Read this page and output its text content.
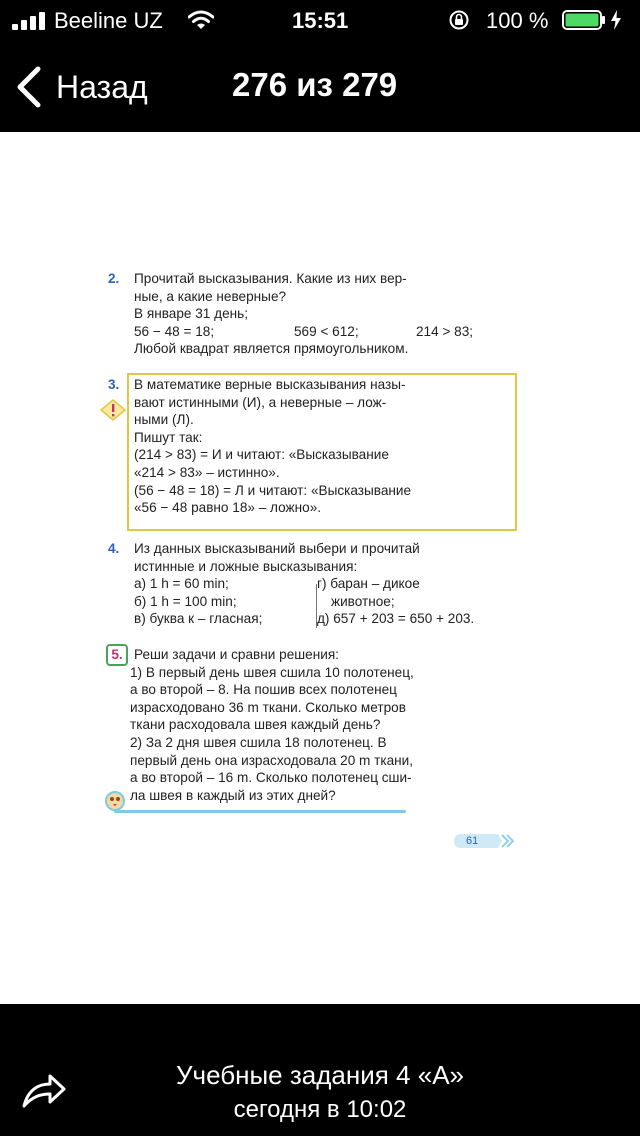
Beeline UZ	15:51	100 %
Назад	276 из 279
2.	Прочитай высказывания. Какие из них вер-
ные, а какие неверные?
В январе 31 день;
56 − 48 = 18;	569 < 612;	214 > 83;
Любой квадрат является прямоугольником.
3.	В математике верные высказывания назы-
вают истинными (И), а неверные – лож-
ными (Л).
Пишут так:
(214 > 83) = И и читают: «Высказывание
«214 > 83» – истинно».
(56 − 48 = 18) = Л и читают: «Высказывание
«56 − 48 равно 18» – ложно».
4.	Из данных высказываний выбери и прочитай
истинные и ложные высказывания:
а) 1 h = 60 min;	г) баран – дикое
б) 1 h = 100 min;	животное;
в) буква к – гласная;	д) 657 + 203 = 650 + 203.
5. Реши задачи и сравни решения:
1) В первый день швея сшила 10 полотенец,
а во второй – 8. На пошив всех полотенец
израсходовано 36 m ткани. Сколько метров
ткани расходовала швея каждый день?
2) За 2 дня швея сшила 18 полотенец. В
первый день она израсходовала 20 m ткани,
а во второй – 16 m. Сколько полотенец сши-
ла швея в каждый из этих дней?
61
Учебные задания 4 «А»
сегодня в 10:02
